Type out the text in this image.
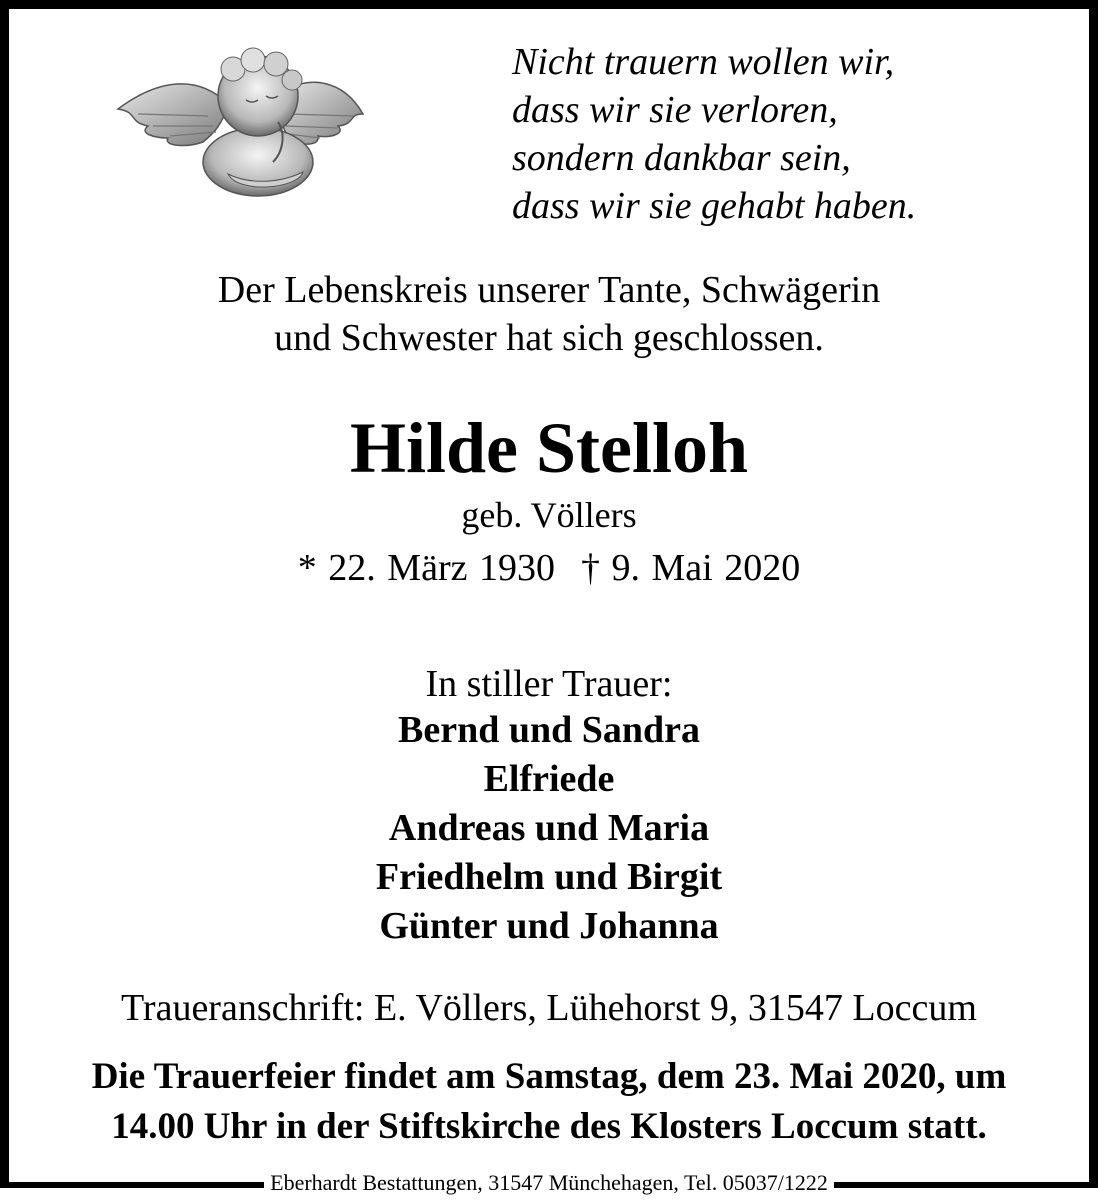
Nicht trauern wollen wir,
dass wir sie verloren,
sondern dankbar sein,
dass wir sie gehabt haben.
Der Lebenskreis unserer Tante, Schwägerin
und Schwester hat sich geschlossen.
Hilde Stelloh
geb. Völlers
* 22. März 1930 † 9. Mai 2020
In stiller Trauer:
Bernd und Sandra
Elfriede
Andreas und Maria
Friedhelm und Birgit
Günter und Johanna
Traueranschrift: E. Völlers, Lühehorst 9, 31547 Loccum
Die Trauerfeier findet am Samstag, dem 23. Mai 2020, um
14.00 Uhr in der Stiftskirche des Klosters Loccum statt.
Eberhardt Bestattungen, 31547 Münchehagen, Tel. 05037/1222
